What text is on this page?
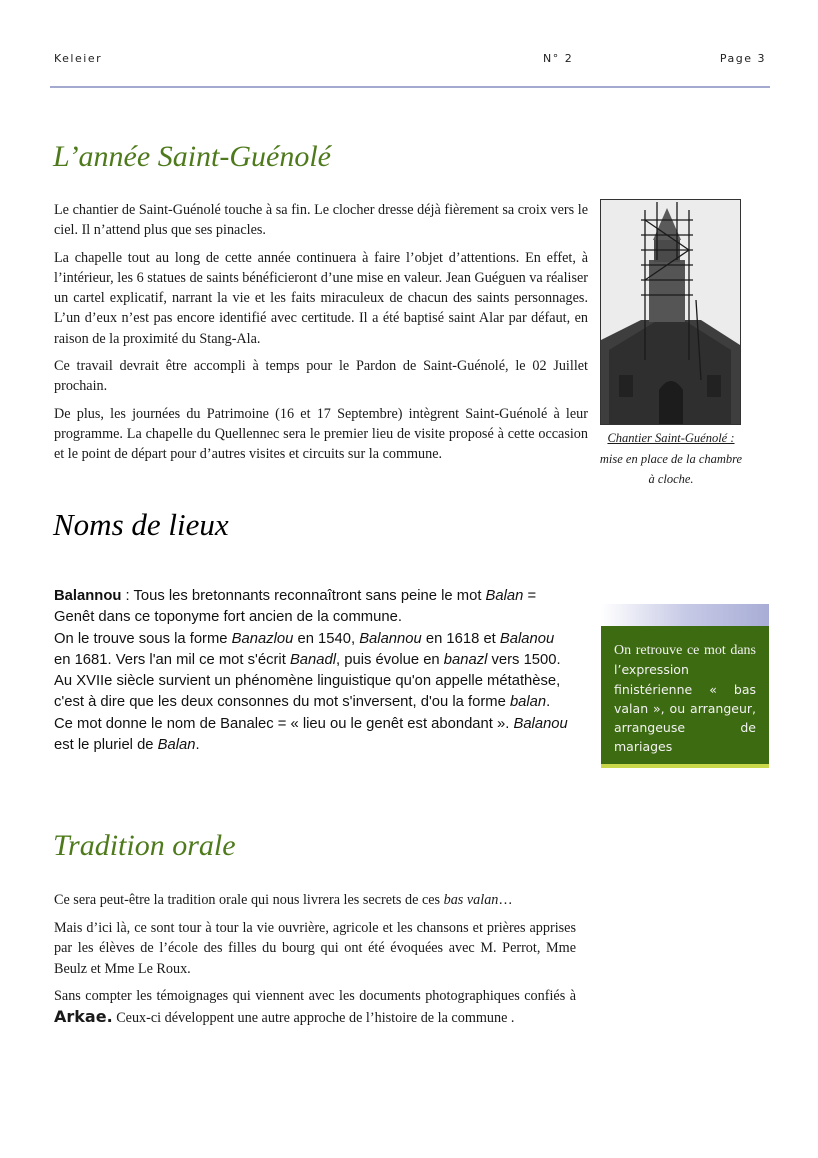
Keleier	N° 2	Page 3
L’année Saint-Guénolé

Le chantier de Saint-Guénolé touche à sa fin. Le clocher dresse déjà fièrement sa croix vers le ciel. Il n’attend plus que ses pinacles.

La chapelle tout au long de cette année continuera à faire l’objet d’attentions. En effet, à l’intérieur, les 6 statues de saints bénéficieront d’une mise en valeur. Jean Guéguen va réaliser un cartel explicatif, narrant la vie et les faits miraculeux de chacun des saints personnages. L’un d’eux n’est pas encore identifié avec certitude. Il a été baptisé saint Alar par défaut, en raison de la proximité du Stang-Ala.

Ce travail devrait être accompli à temps pour le Pardon de Saint-Guénolé, le 02 Juillet prochain.

De plus, les journées du Patrimoine (16 et 17 Septembre) intègrent Saint-Guénolé à leur programme. La chapelle du Quellennec sera le premier lieu de visite proposé à cette occasion et le point de départ pour d’autres visites et circuits sur la commune.

Chantier Saint-Guénolé : mise en place de la chambre à cloche.
Noms de lieux
Balannou : Tous les bretonnants reconnaîtront sans peine le mot Balan = Genêt dans ce toponyme fort ancien de la commune.
On le trouve sous la forme Banazlou en 1540, Balannou en 1618 et Balanou en 1681. Vers l'an mil ce mot s'écrit Banadl, puis évolue en banazl vers 1500. Au XVIIe siècle survient un phénomène linguistique qu'on appelle métathèse, c'est à dire que les deux consonnes du mot s'inversent, d'ou la forme balan. Ce mot donne le nom de Banalec = « lieu ou le genêt est abondant ». Balanou est le pluriel de Balan.
On retrouve ce mot dans l’expression finistérienne « bas valan », ou arrangeur, arrangeuse de mariages
Tradition orale

Ce sera peut-être la tradition orale qui nous livrera les secrets de ces bas valan…

Mais d’ici là, ce sont tour à tour la vie ouvrière, agricole et les chansons et prières apprises par les élèves de l’école des filles du bourg qui ont été évoquées avec M. Perrot, Mme Beulz et Mme Le Roux.

Sans compter les témoignages qui viennent avec les documents photographiques confiés à Arkae. Ceux-ci développent une autre approche de l’histoire de la commune .
